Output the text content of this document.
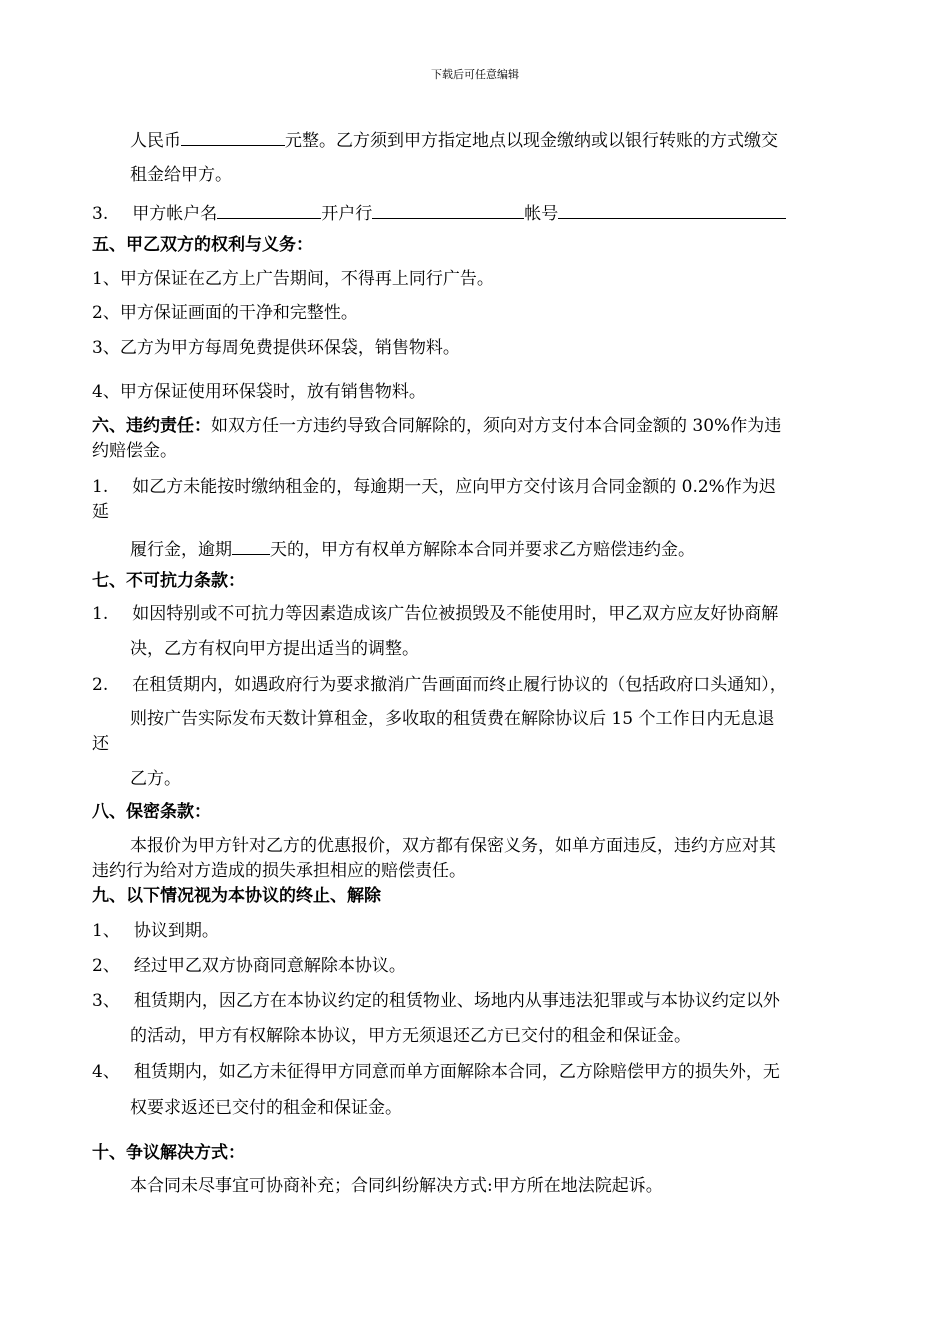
下载后可任意编辑
人民币	元整。乙方须到甲方指定地点以现金缴纳或以银行转账的方式缴交
租金给甲方。
3. 甲方帐户名	开户行	帐号
五、甲乙双方的权利与义务：
1、甲方保证在乙方上广告期间，不得再上同行广告。
2、甲方保证画面的干净和完整性。
3、乙方为甲方每周免费提供环保袋，销售物料。
4、甲方保证使用环保袋时，放有销售物料。
六、违约责任：如双方任一方违约导致合同解除的，须向对方支付本合同金额的 30%作为违
约赔偿金。
1. 如乙方未能按时缴纳租金的，每逾期一天，应向甲方交付该月合同金额的 0.2%作为迟
延
履行金，逾期 天的，甲方有权单方解除本合同并要求乙方赔偿违约金。
七、不可抗力条款：
1. 如因特别或不可抗力等因素造成该广告位被损毁及不能使用时，甲乙双方应友好协商解
决，乙方有权向甲方提出适当的调整。
2. 在租赁期内，如遇政府行为要求撤消广告画面而终止履行协议的（包括政府口头通知），
则按广告实际发布天数计算租金，多收取的租赁费在解除协议后 15 个工作日内无息退
还
乙方。
八、保密条款：
本报价为甲方针对乙方的优惠报价，双方都有保密义务，如单方面违反，违约方应对其
违约行为给对方造成的损失承担相应的赔偿责任。
九、以下情况视为本协议的终止、解除
1、 协议到期。
2、 经过甲乙双方协商同意解除本协议。
3、 租赁期内，因乙方在本协议约定的租赁物业、场地内从事违法犯罪或与本协议约定以外
的活动，甲方有权解除本协议，甲方无须退还乙方已交付的租金和保证金。
4、 租赁期内，如乙方未征得甲方同意而单方面解除本合同，乙方除赔偿甲方的损失外，无
权要求返还已交付的租金和保证金。
十、争议解决方式：
本合同未尽事宜可协商补充；合同纠纷解决方式:甲方所在地法院起诉。
